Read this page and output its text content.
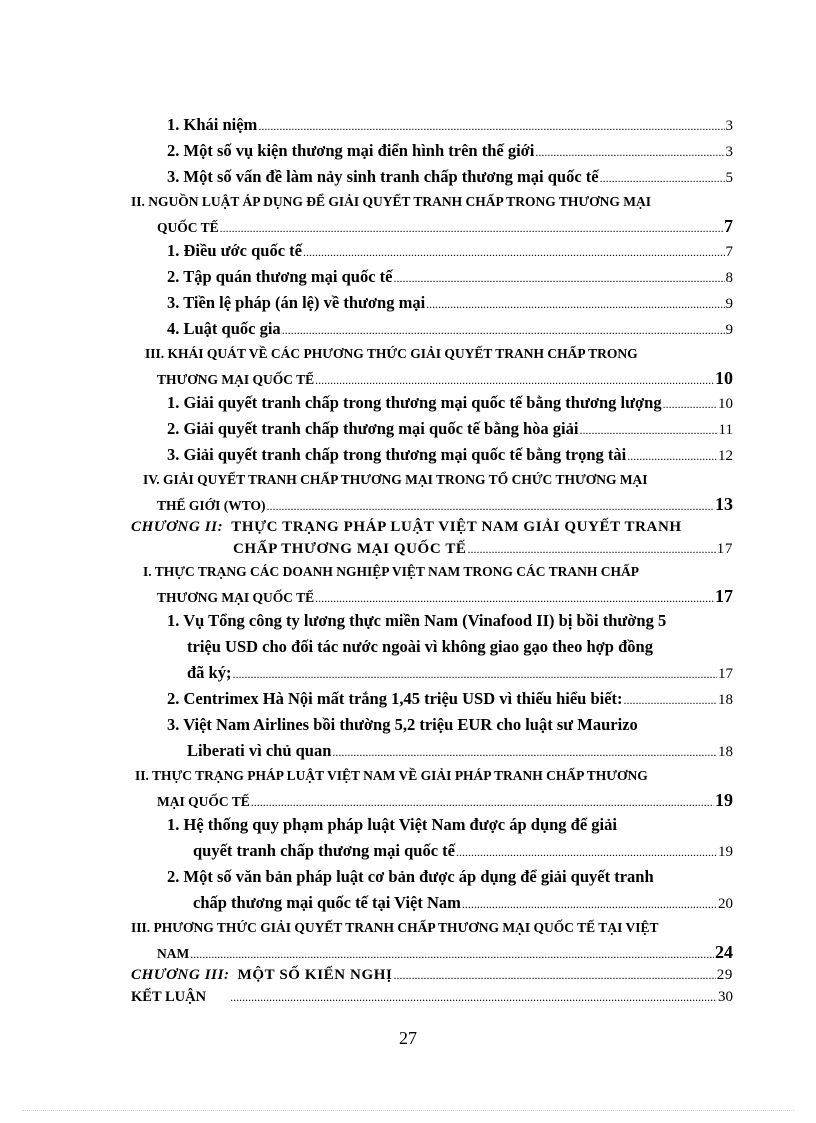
1. Khái niệm .....	3
2. Một số vụ kiện thương mại điển hình trên thế giới .....	3
3. Một số vấn đề làm nảy sinh tranh chấp thương mại quốc tế .....	5
II. NGUỒN LUẬT ÁP DỤNG ĐỂ GIẢI QUYẾT TRANH CHẤP TRONG THƯƠNG MẠI
QUỐC TẾ .....	7
1. Điều ước quốc tế .....	7
2. Tập quán thương mại quốc tế .....	8
3. Tiền lệ pháp (án lệ) về thương mại .....	9
4. Luật quốc gia .....	9
III. KHÁI QUÁT VỀ CÁC PHƯƠNG THỨC GIẢI QUYẾT TRANH CHẤP TRONG
THƯƠNG MẠI QUỐC TẾ .....	10
1. Giải quyết tranh chấp trong thương mại quốc tế bằng thương lượng .....	10
2. Giải quyết tranh chấp thương mại quốc tế bằng hòa giải .....	11
3. Giải quyết tranh chấp trong thương mại quốc tế bằng trọng tài .....	12
IV. GIẢI QUYẾT TRANH CHẤP THƯƠNG MẠI TRONG TỔ CHỨC THƯƠNG MẠI
THẾ GIỚI (WTO) .....	13
CHƯƠNG II: THỰC TRẠNG PHÁP LUẬT VIỆT NAM GIẢI QUYẾT TRANH
CHẤP THƯƠNG MẠI QUỐC TẾ .....	17
I. THỰC TRẠNG CÁC DOANH NGHIỆP VIỆT NAM TRONG CÁC TRANH CHẤP
THƯƠNG MẠI QUỐC TẾ .....	17
1. Vụ Tổng công ty lương thực miền Nam (Vinafood II) bị bồi thường 5
triệu USD cho đối tác nước ngoài vì không giao gạo theo hợp đồng
đã ký; .....	17
2. Centrimex Hà Nội mất trắng 1,45 triệu USD vì thiếu hiểu biết: .....	18
3. Việt Nam Airlines bồi thường 5,2 triệu EUR cho luật sư Maurizo
Liberati vì chủ quan .....	18
II. THỰC TRẠNG PHÁP LUẬT VIỆT NAM VỀ GIẢI PHÁP TRANH CHẤP THƯƠNG
MẠI QUỐC TẾ .....	19
1. Hệ thống quy phạm pháp luật Việt Nam được áp dụng để giải
quyết tranh chấp thương mại quốc tế .....	19
2. Một số văn bản pháp luật cơ bản được áp dụng để giải quyết tranh
chấp thương mại quốc tế tại Việt Nam .....	20
III. PHƯƠNG THỨC GIẢI QUYẾT TRANH CHẤP THƯƠNG MẠI QUỐC TẾ TẠI VIỆT
NAM .....	24
CHƯƠNG III: MỘT SỐ KIẾN NGHỊ .....	29
KẾT LUẬN .....	30
27
